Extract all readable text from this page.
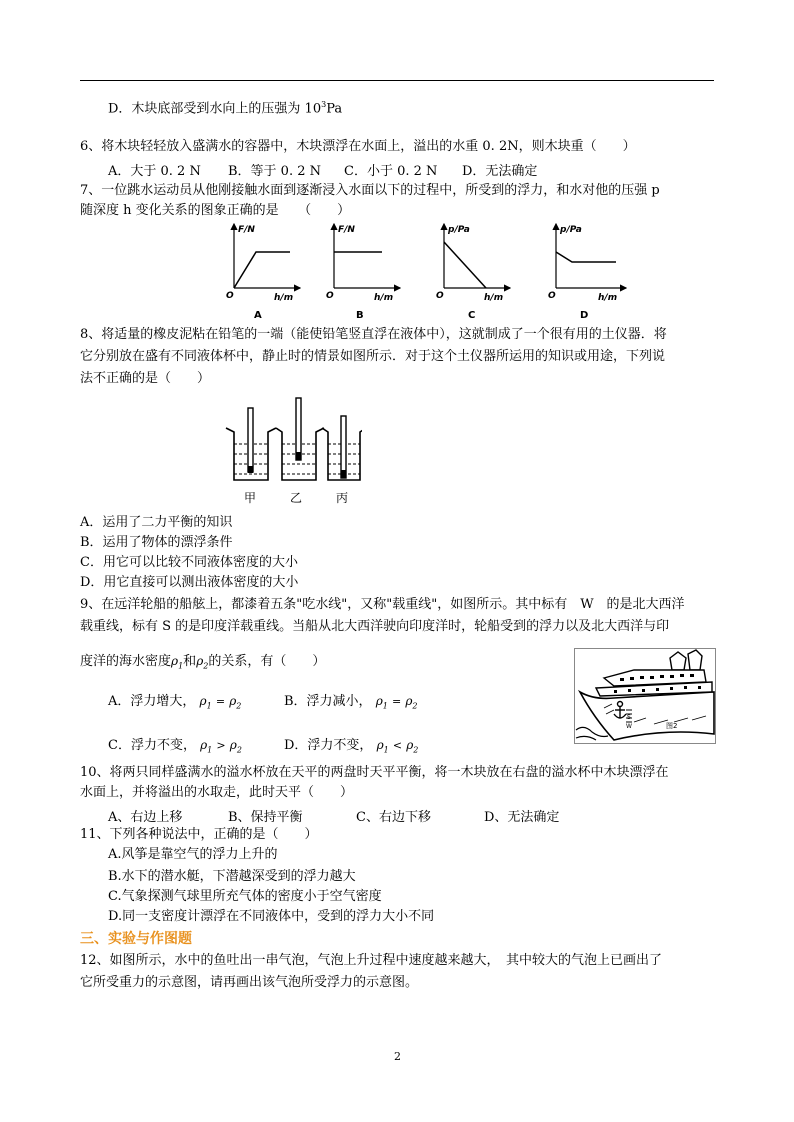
D．木块底部受到水向上的压强为 $10^3Pa$
6、将木块轻轻放入盛满水的容器中，木块漂浮在水面上，溢出的水重 0. 2N，则木块重（　　）
A．大于 0. 2 N B．等于 0. 2 N C．小于 0. 2 N D．无法确定
7、一位跳水运动员从他刚接触水面到逐渐浸入水面以下的过程中，所受到的浮力，和水对他的压强 p
随深度 h 变化关系的图象正确的是　　（　　）
F/N
O	h/m
A
F/N
O	h/m
B
p/Pa
O	h/m
C
p/Pa
O	h/m
D
8、将适量的橡皮泥粘在铅笔的一端（能使铅笔竖直浮在液体中），这就制成了一个很有用的土仪器．将
它分别放在盛有不同液体杯中，静止时的情景如图所示．对于这个土仪器所运用的知识或用途，下列说
法不正确的是（　　）
甲	乙	丙
A．运用了二力平衡的知识
B．运用了物体的漂浮条件
C．用它可以比较不同液体密度的大小
D．用它直接可以测出液体密度的大小
9、在远洋轮船的船舷上，都漆着五条"吃水线"，又称"载重线"，如图所示。其中标有　W　的是北大西洋
载重线，标有 S 的是印度洋载重线。当船从北大西洋驶向印度洋时，轮船受到的浮力以及北大西洋与印
度洋的海水密度$\rho_1$和$\rho_2$的关系，有（　　）
A．浮力增大， $\rho_1 = \rho_2$	B．浮力减小， $\rho_1 = \rho_2$
C．浮力不变， $\rho_1 > \rho_2$	D．浮力不变， $\rho_1 < \rho_2$
S
W	图2
10、将两只同样盛满水的溢水杯放在天平的两盘时天平平衡，将一木块放在右盘的溢水杯中木块漂浮在
水面上，并将溢出的水取走，此时天平（　　）
A、右边上移	B、保持平衡	C、右边下移	D、无法确定
11、下列各种说法中，正确的是（　　）
A.风筝是靠空气的浮力上升的
B.水下的潜水艇，下潜越深受到的浮力越大
C.气象探测气球里所充气体的密度小于空气密度
D.同一支密度计漂浮在不同液体中，受到的浮力大小不同
三、实验与作图题
12、如图所示，水中的鱼吐出一串气泡，气泡上升过程中速度越来越大，　其中较大的气泡上已画出了
它所受重力的示意图，请再画出该气泡所受浮力的示意图。
2
